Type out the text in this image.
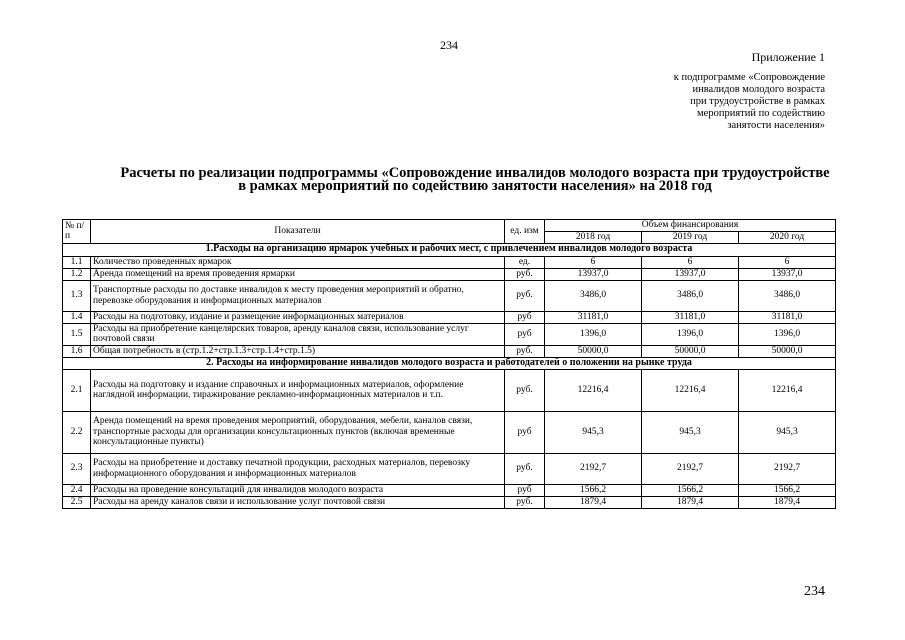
234
Приложение 1
к подпрограмме «Сопровождение
инвалидов молодого возраста
при трудоустройстве в рамках
мероприятий по содействию
занятости населения»
Расчеты по реализации подпрограммы «Сопровождение инвалидов молодого возраста при трудоустройстве
в рамках мероприятий по содействию занятости населения» на 2018 год
№ п/п	Показатели	ед. изм	Объем финансирования		
			2018 год	2019 год	2020 год
1.Расходы на организацию ярмарок учебных и рабочих мест, с привлечением инвалидов молодого возраста					
1.1	Количество проведенных ярмарок	ед.	6	6	6
1.2	Аренда помещений на время проведения ярмарки	руб.	13937,0	13937,0	13937,0
1.3	Транспортные расходы по доставке инвалидов к месту проведения мероприятий и обратно, перевозке оборудования и информационных материалов	руб.	3486,0	3486,0	3486,0
1.4	Расходы на подготовку, издание и размещение информационных материалов	руб	31181,0	31181,0	31181,0
1.5	Расходы на приобретение канцелярских товаров, аренду каналов связи, использование услуг почтовой связи	руб	1396,0	1396,0	1396,0
1.6	Общая потребность в (стр.1.2+стр.1.3+стр.1.4+стр.1.5)	руб.	50000,0	50000,0	50000,0
2. Расходы на информирование инвалидов молодого возраста и работодателей о положении на рынке труда					
2.1	Расходы на подготовку и издание справочных и информационных материалов, оформление наглядной информации, тиражирование рекламно-информационных материалов и т.п.	руб.	12216,4	12216,4	12216,4
2.2	Аренда помещений на время проведения мероприятий, оборудования, мебели, каналов связи, транспортные расходы для организации консультационных пунктов (включая временные консультационные пункты)	руб	945,3	945,3	945,3
2.3	Расходы на приобретение и доставку печатной продукции, расходных материалов, перевозку информационного оборудования и информационных материалов	руб.	2192,7	2192,7	2192,7
2.4	Расходы на проведение консультаций для инвалидов молодого возраста	руб	1566,2	1566,2	1566,2
2.5	Расходы на аренду каналов связи и использование услуг почтовой связи	руб.	1879,4	1879,4	1879,4
234
